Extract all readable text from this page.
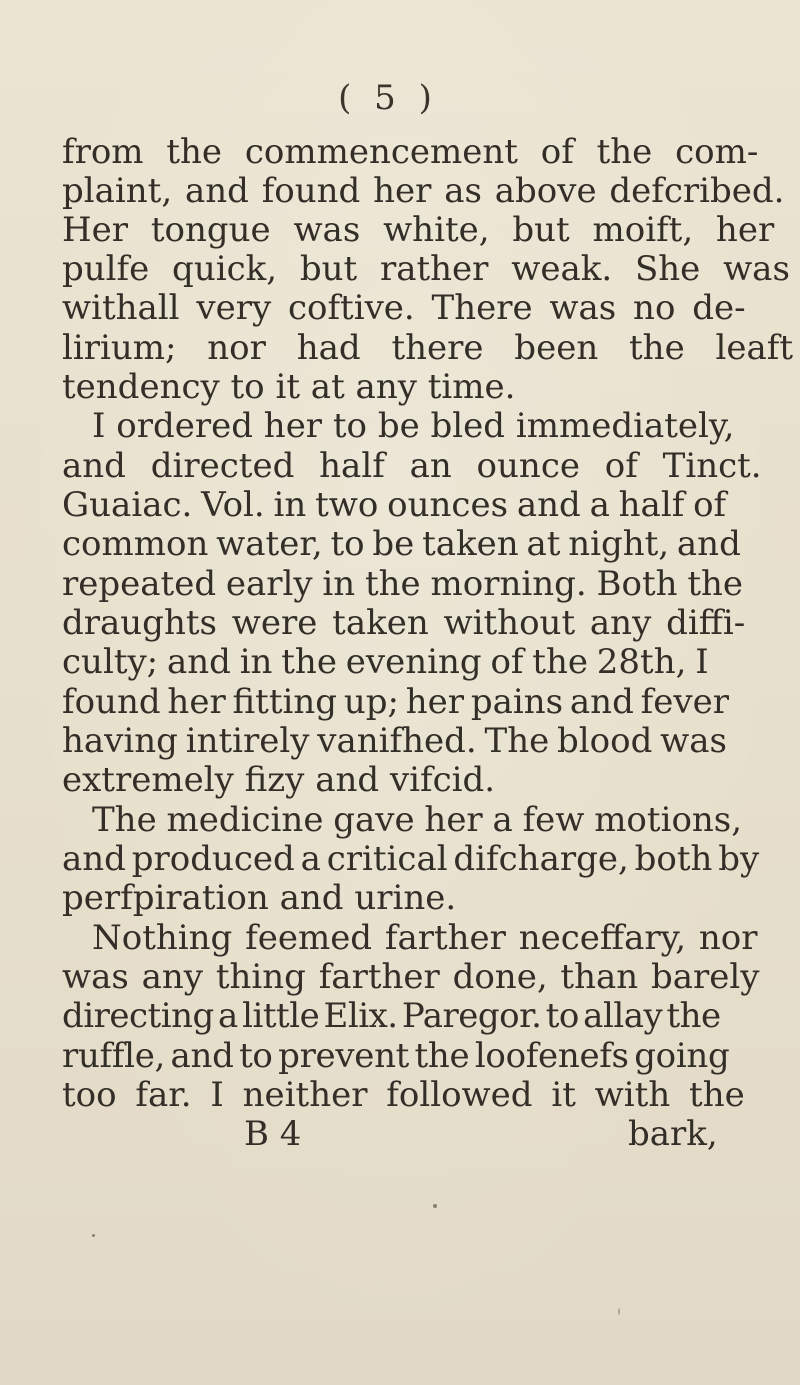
( 5 )
from the commencement of the com-
plaint, and found her as above defcribed.
Her tongue was white, but moift, her
pulfe quick, but rather weak. She was
withall very coftive. There was no de-
lirium; nor had there been the leaft
tendency to it at any time.
I ordered her to be bled immediately,
and directed half an ounce of Tinct.
Guaiac. Vol. in two ounces and a half of
common water, to be taken at night, and
repeated early in the morning. Both the
draughts were taken without any diffi-
culty; and in the evening of the 28th, I
found her fitting up; her pains and fever
having intirely vanifhed. The blood was
extremely fizy and vifcid.
The medicine gave her a few motions,
and produced a critical difcharge, both by
perfpiration and urine.
Nothing feemed farther neceffary, nor
was any thing farther done, than barely
directing a little Elix. Paregor. to allay the
ruffle, and to prevent the loofenefs going
too far. I neither followed it with the
B 4	bark,
